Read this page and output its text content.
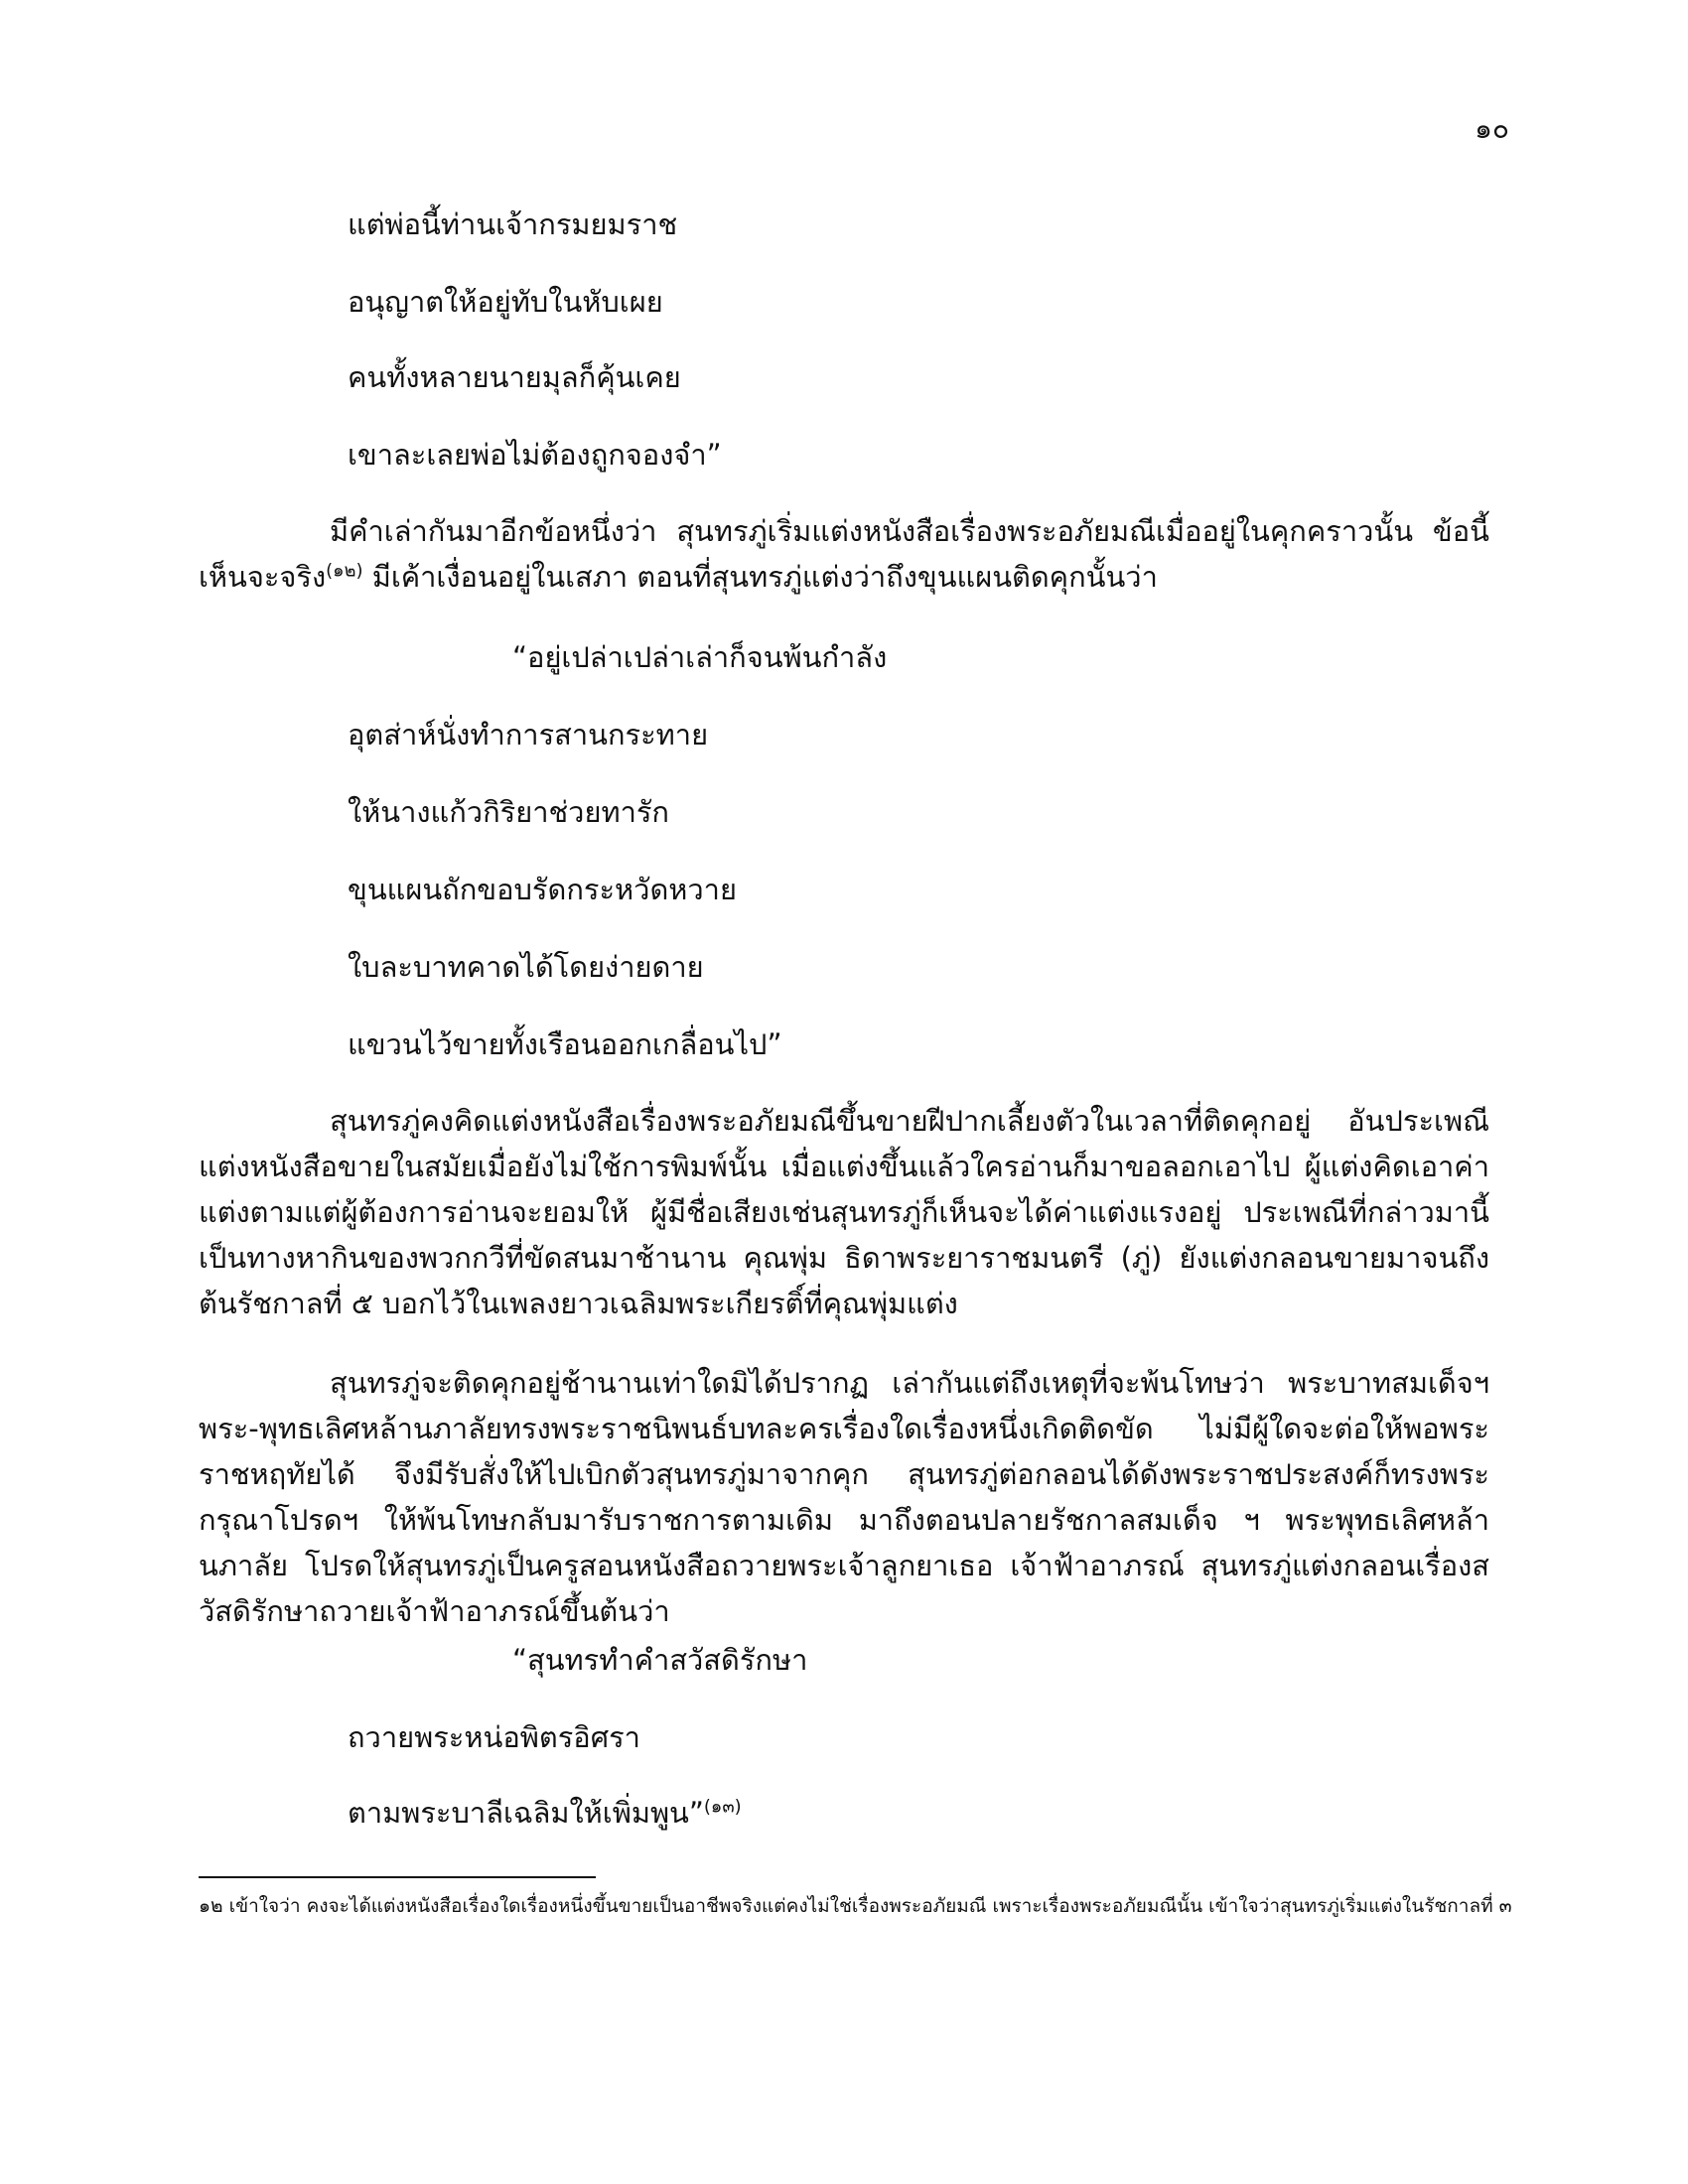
๑๐
แต่พ่อนี้ท่านเจ้ากรมยมราช
อนุญาตให้อยู่ทับในหับเผย
คนทั้งหลายนายมุลก็คุ้นเคย
เขาละเลยพ่อไม่ต้องถูกจองจำ”
มีคำเล่ากันมาอีกข้อหนึ่งว่า สุนทรภู่เริ่มแต่งหนังสือเรื่องพระอภัยมณีเมื่ออยู่ในคุกคราวนั้น ข้อนี้เห็นจะจริง$^{(๑๒)}$ มีเค้าเงื่อนอยู่ในเสภา ตอนที่สุนทรภู่แต่งว่าถึงขุนแผนติดคุกนั้นว่า
“อยู่เปล่าเปล่าเล่าก็จนพ้นกำลัง
อุตส่าห์นั่งทำการสานกระทาย
ให้นางแก้วกิริยาช่วยทารัก
ขุนแผนถักขอบรัดกระหวัดหวาย
ใบละบาทคาดได้โดยง่ายดาย
แขวนไว้ขายทั้งเรือนออกเกลื่อนไป”
สุนทรภู่คงคิดแต่งหนังสือเรื่องพระอภัยมณีขึ้นขายฝีปากเลี้ยงตัวในเวลาที่ติดคุกอยู่ อันประเพณีแต่งหนังสือขายในสมัยเมื่อยังไม่ใช้การพิมพ์นั้น เมื่อแต่งขึ้นแล้วใครอ่านก็มาขอลอกเอาไป ผู้แต่งคิดเอาค่าแต่งตามแต่ผู้ต้องการอ่านจะยอมให้ ผู้มีชื่อเสียงเช่นสุนทรภู่ก็เห็นจะได้ค่าแต่งแรงอยู่ ประเพณีที่กล่าวมานี้ เป็นทางหากินของพวกกวีที่ขัดสนมาช้านาน คุณพุ่ม ธิดาพระยาราชมนตรี (ภู่) ยังแต่งกลอนขายมาจนถึงต้นรัชกาลที่ ๕ บอกไว้ในเพลงยาวเฉลิมพระเกียรติ์ที่คุณพุ่มแต่ง
สุนทรภู่จะติดคุกอยู่ช้านานเท่าใดมิได้ปรากฏ เล่ากันแต่ถึงเหตุที่จะพ้นโทษว่า พระบาทสมเด็จฯ พระ-พุทธเลิศหล้านภาลัยทรงพระราชนิพนธ์บทละครเรื่องใดเรื่องหนึ่งเกิดติดขัด ไม่มีผู้ใดจะต่อให้พอพระราชหฤทัยได้ จึงมีรับสั่งให้ไปเบิกตัวสุนทรภู่มาจากคุก สุนทรภู่ต่อกลอนได้ดังพระราชประสงค์ก็ทรงพระกรุณาโปรดฯ ให้พ้นโทษกลับมารับราชการตามเดิม มาถึงตอนปลายรัชกาลสมเด็จ ฯ พระพุทธเลิศหล้านภาลัย โปรดให้สุนทรภู่เป็นครูสอนหนังสือถวายพระเจ้าลูกยาเธอ เจ้าฟ้าอาภรณ์ สุนทรภู่แต่งกลอนเรื่องสวัสดิรักษาถวายเจ้าฟ้าอาภรณ์ขึ้นต้นว่า
“สุนทรทำคำสวัสดิรักษา
ถวายพระหน่อพิตรอิศรา
ตามพระบาลีเฉลิมให้เพิ่มพูน”$^{(๑๓)}$
๑๒ เข้าใจว่า คงจะได้แต่งหนังสือเรื่องใดเรื่องหนึ่งขึ้นขายเป็นอาชีพจริงแต่คงไม่ใช่เรื่องพระอภัยมณี เพราะเรื่องพระอภัยมณีนั้น เข้าใจว่าสุนทรภู่เริ่มแต่งในรัชกาลที่ ๓
